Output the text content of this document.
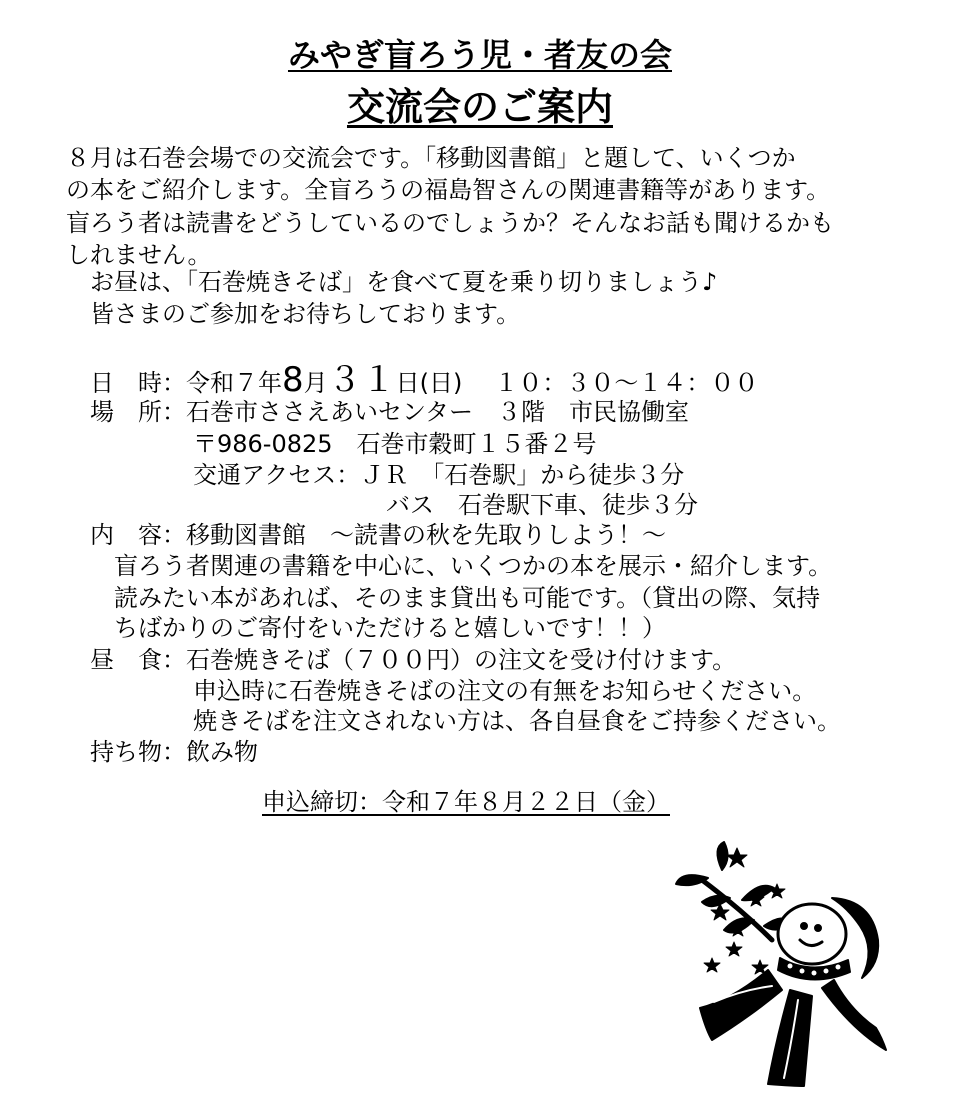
みやぎ盲ろう児・者友の会
交流会のご案内
８月は石巻会場での交流会です。「移動図書館」と題して、いくつか
の本をご紹介します。全盲ろうの福島智さんの関連書籍等があります。
盲ろう者は読書をどうしているのでしょうか？そんなお話も聞けるかも
しれません。
お昼は、「石巻焼きそば」を食べて夏を乗り切りましょう♪
皆さまのご参加をお待ちしております。
日　時：令和７年8月３１日(日) １０：３０〜１４：００
場　所：石巻市ささえあいセンター　３階　市民協働室
〒986-0825　石巻市穀町１５番２号
交通アクセス：ＪＲ　「石巻駅」から徒歩３分
バス　石巻駅下車、徒歩３分
内　容：移動図書館　〜読書の秋を先取りしよう！〜
盲ろう者関連の書籍を中心に、いくつかの本を展示・紹介します。
読みたい本があれば、そのまま貸出も可能です。（貸出の際、気持
ちばかりのご寄付をいただけると嬉しいです！！）
昼　食：石巻焼きそば（７００円）の注文を受け付けます。
申込時に石巻焼きそばの注文の有無をお知らせください。
焼きそばを注文されない方は、各自昼食をご持参ください。
持ち物：飲み物
申込締切：令和７年８月２２日（金）
